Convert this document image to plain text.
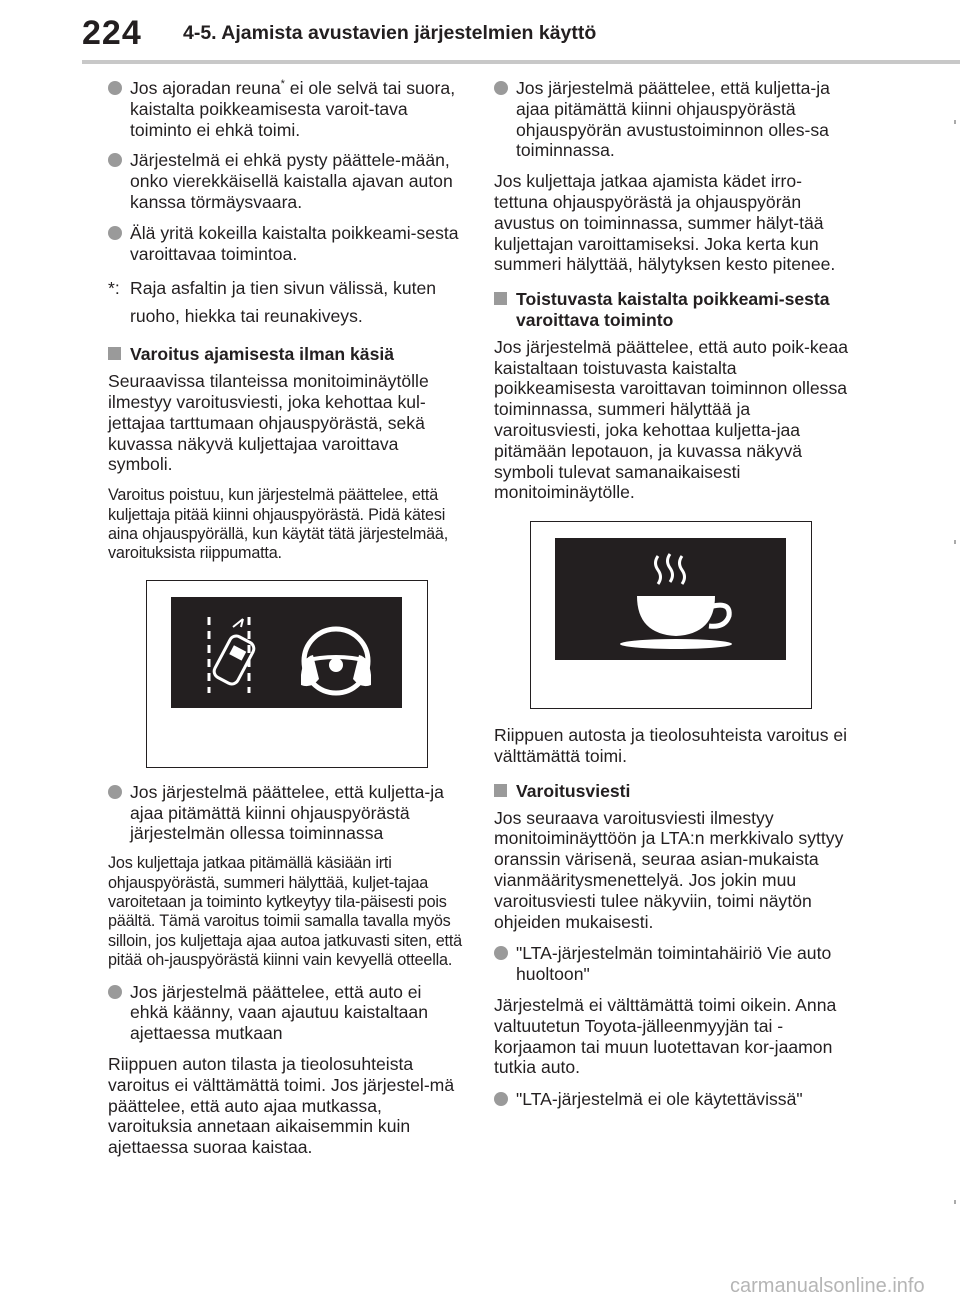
224 4-5. Ajamista avustavien järjestelmien käyttö
Jos ajoradan reuna* ei ole selvä tai suora, kaistalta poikkeamisesta varoit-tava toiminto ei ehkä toimi.
Järjestelmä ei ehkä pysty päättele-mään, onko vierekkäisellä kaistalla ajavan auton kanssa törmäysvaara.
Älä yritä kokeilla kaistalta poikkeami-sesta varoittavaa toimintoa.
*: Raja asfaltin ja tien sivun välissä, kuten ruoho, hiekka tai reunakiveys.
Varoitus ajamisesta ilman käsiä

Seuraavissa tilanteissa monitoiminäytölle ilmestyy varoitusviesti, joka kehottaa kul-jettajaa tarttumaan ohjauspyörästä, sekä kuvassa näkyvä kuljettajaa varoittava symboli.

Varoitus poistuu, kun järjestelmä päättelee, että kuljettaja pitää kiinni ohjauspyörästä. Pidä kätesi aina ohjauspyörällä, kun käytät tätä järjestelmää, varoituksista riippumatta.

Jos järjestelmä päättelee, että kuljetta-ja ajaa pitämättä kiinni ohjauspyörästä järjestelmän ollessa toiminnassa

Jos kuljettaja jatkaa pitämällä käsiään irti ohjauspyörästä, summeri hälyttää, kuljet-tajaa varoitetaan ja toiminto kytkeytyy tila-päisesti pois päältä. Tämä varoitus toimii samalla tavalla myös silloin, jos kuljettaja ajaa autoa jatkuvasti siten, että pitää oh-jauspyörästä kiinni vain kevyellä otteella.

Jos järjestelmä päättelee, että auto ei ehkä käänny, vaan ajautuu kaistaltaan ajettaessa mutkaan

Riippuen auton tilasta ja tieolosuhteista varoitus ei välttämättä toimi. Jos järjestel-mä päättelee, että auto ajaa mutkassa, varoituksia annetaan aikaisemmin kuin ajettaessa suoraa kaistaa.

Jos järjestelmä päättelee, että kuljetta-ja ajaa pitämättä kiinni ohjauspyörästä ohjauspyörän avustustoiminnon olles-sa toiminnassa.

Jos kuljettaja jatkaa ajamista kädet irro-tettuna ohjauspyörästä ja ohjauspyörän avustus on toiminnassa, summer hälyt-tää kuljettajan varoittamiseksi. Joka kerta kun summeri hälyttää, hälytyksen kesto pitenee.

Toistuvasta kaistalta poikkeami-sesta varoittava toiminto

Jos järjestelmä päättelee, että auto poik-keaa kaistaltaan toistuvasta kaistalta poikkeamisesta varoittavan toiminnon ollessa toiminnassa, summeri hälyttää ja varoitusviesti, joka kehottaa kuljetta-jaa pitämään lepotauon, ja kuvassa näkyvä symboli tulevat samanaikaisesti monitoiminäytölle.

Riippuen autosta ja tieolosuhteista varoitus ei välttämättä toimi.

Varoitusviesti

Jos seuraava varoitusviesti ilmestyy monitoiminäyttöön ja LTA:n merkkivalo syttyy oranssin värisenä, seuraa asian-mukaista vianmääritysmenettelyä. Jos jokin muu varoitusviesti tulee näkyviin, toimi näytön ohjeiden mukaisesti.

"LTA-järjestelmän toimintahäiriö Vie auto huoltoon"

Järjestelmä ei välttämättä toimi oikein. Anna valtuutetun Toyota-jälleenmyyjän tai -korjaamon tai muun luotettavan kor-jaamon tutkia auto.

"LTA-järjestelmä ei ole käytettävissä"
carmanualsonline.info
